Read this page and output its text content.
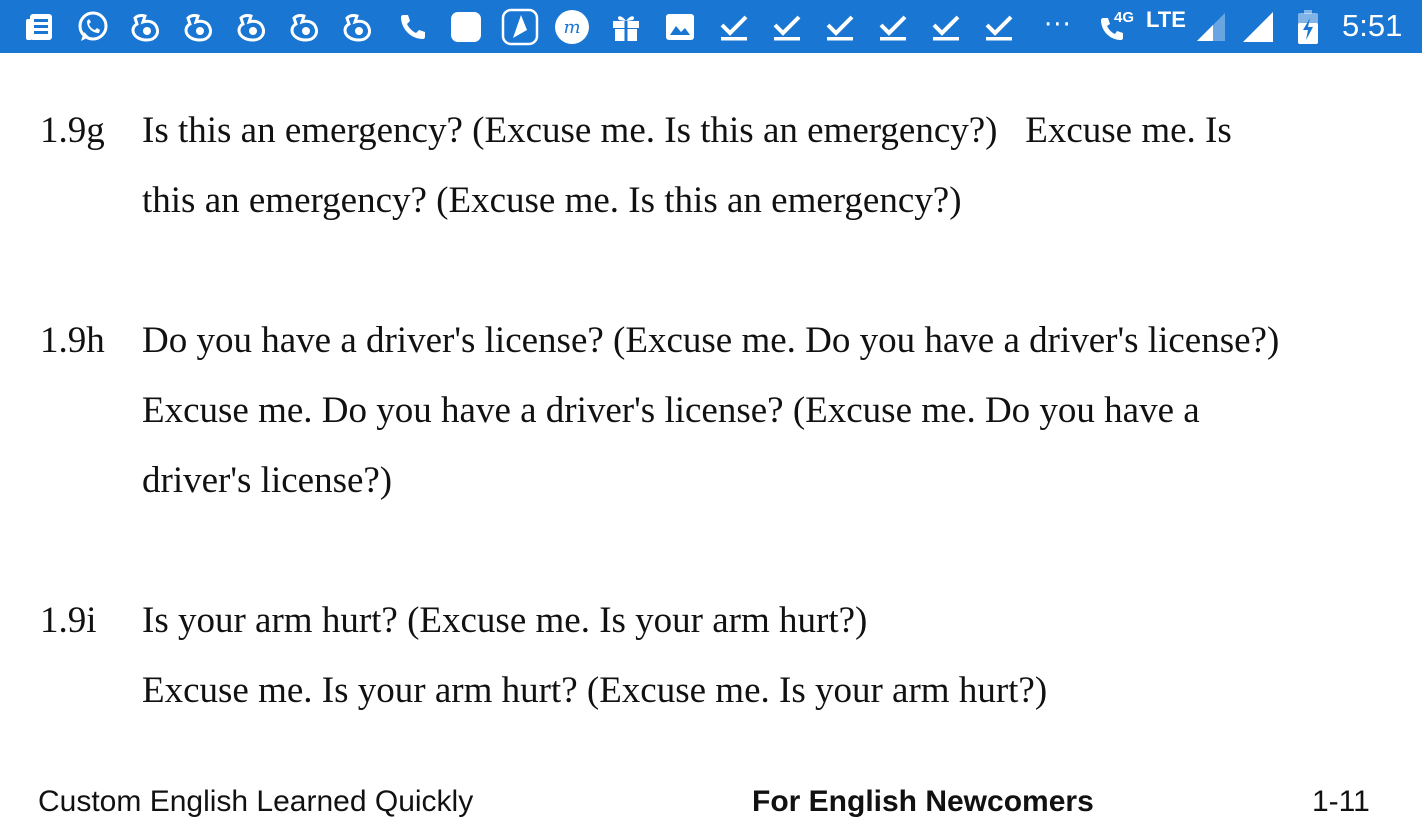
m	···	4G LTE	5:51
1.9g Is this an emergency? (Excuse me. Is this an emergency?)   Excuse me. Is
this an emergency? (Excuse me. Is this an emergency?)
1.9h Do you have a driver's license? (Excuse me. Do you have a driver's license?)
Excuse me. Do you have a driver's license? (Excuse me. Do you have a
driver's license?)
1.9i Is your arm hurt? (Excuse me. Is your arm hurt?)
Excuse me. Is your arm hurt? (Excuse me. Is your arm hurt?)
Custom English Learned Quickly	For English Newcomers	1-11
